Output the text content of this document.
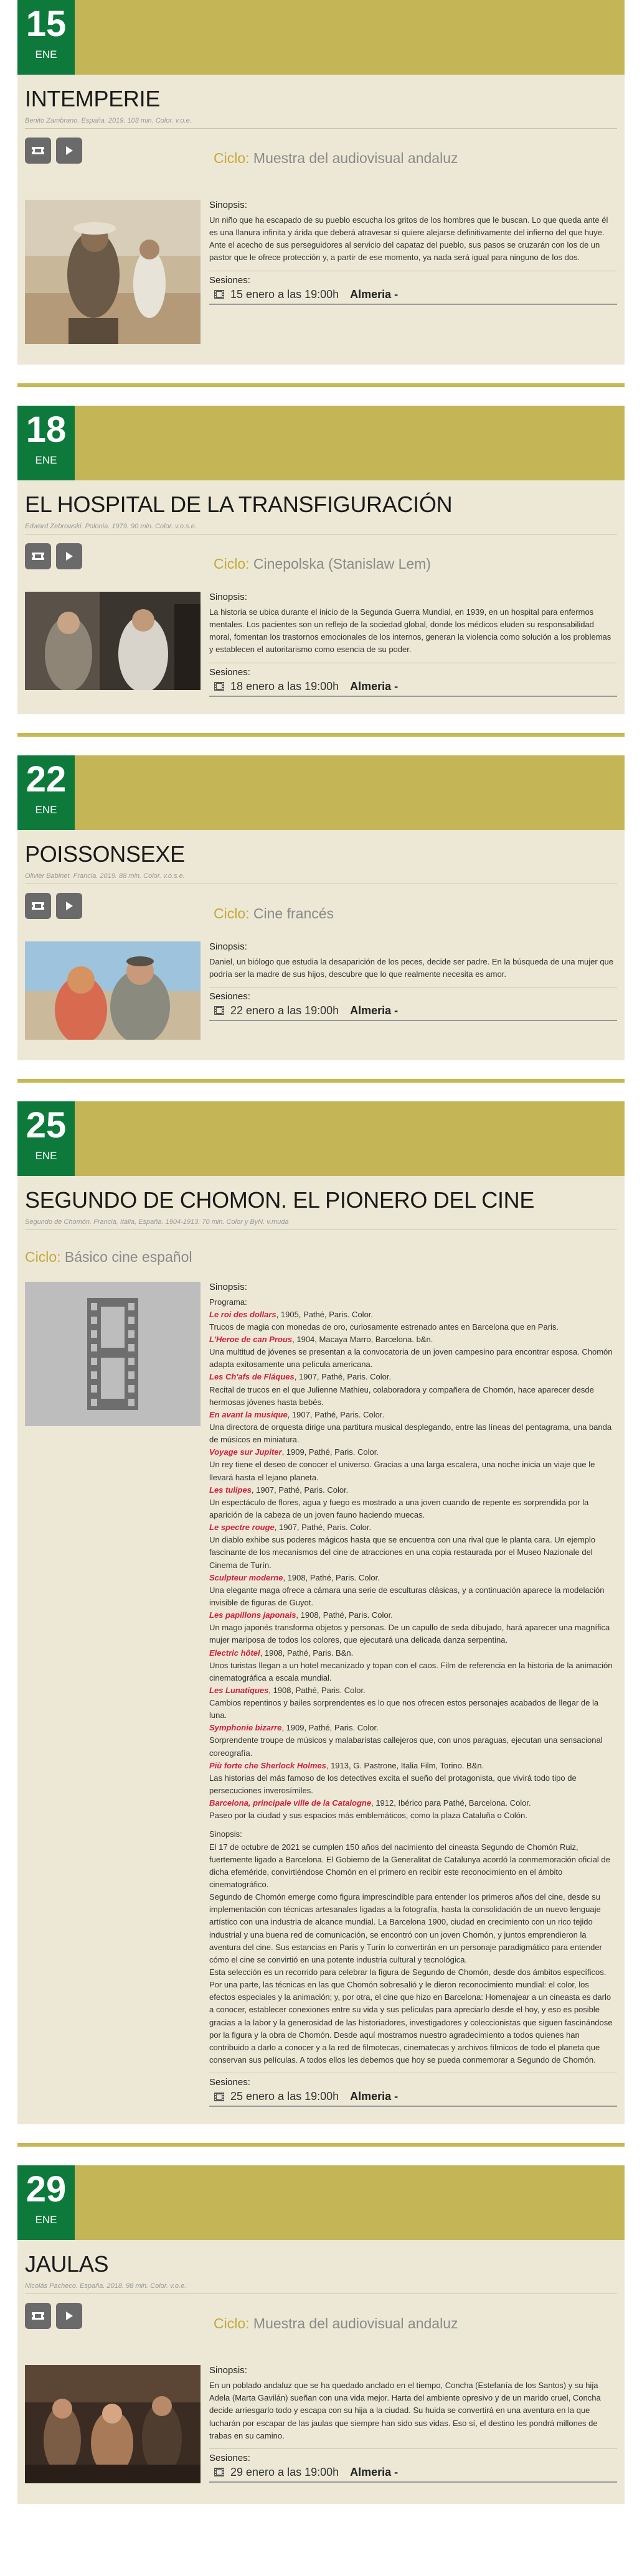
15
ENE
INTEMPERIE
Benito Zambrano. España. 2019. 103 min. Color. v.o.e.
Ciclo: Muestra del audiovisual andaluz
Sinopsis:
Un niño que ha escapado de su pueblo escucha los gritos de los hombres que le buscan. Lo que queda ante él es una llanura infinita y árida que deberá atravesar si quiere alejarse definitivamente del infierno del que huye. Ante el acecho de sus perseguidores al servicio del capataz del pueblo, sus pasos se cruzarán con los de un pastor que le ofrece protección y, a partir de ese momento, ya nada será igual para ninguno de los dos.
Sesiones:
15 enero a las 19:00h Almeria -
18
ENE
EL HOSPITAL DE LA TRANSFIGURACIÓN
Edward Zebrowski. Polonia. 1979. 90 min. Color. v.o.s.e.
Ciclo: Cinepolska (Stanislaw Lem)
Sinopsis:
La historia se ubica durante el inicio de la Segunda Guerra Mundial, en 1939, en un hospital para enfermos mentales. Los pacientes son un reflejo de la sociedad global, donde los médicos eluden su responsabilidad moral, fomentan los trastornos emocionales de los internos, generan la violencia como solución a los problemas y establecen el autoritarismo como esencia de su poder.
Sesiones:
18 enero a las 19:00h Almeria -
22
ENE
POISSONSEXE
Olivier Babinet. Francia. 2019. 88 min. Color. v.o.s.e.
Ciclo: Cine francés
Sinopsis:
Daniel, un biólogo que estudia la desaparición de los peces, decide ser padre. En la búsqueda de una mujer que podría ser la madre de sus hijos, descubre que lo que realmente necesita es amor.
Sesiones:
22 enero a las 19:00h Almeria -
25
ENE
SEGUNDO DE CHOMON. EL PIONERO DEL CINE
Segundo de Chomón. Francia, Italia, España. 1904-1913. 70 min. Color y ByN. v.muda
Ciclo: Básico cine español
Sinopsis:
Programa:
Le roi des dollars, 1905, Pathé, Paris. Color.
Trucos de magia con monedas de oro, curiosamente estrenado antes en Barcelona que en Paris.
L'Heroe de can Prous, 1904, Macaya Marro, Barcelona. b&n.
Una multitud de jóvenes se presentan a la convocatoria de un joven campesino para encontrar esposa. Chomón adapta exitosamente una película americana.
Les Ch'afs de Fláques, 1907, Pathé, Paris. Color.
Recital de trucos en el que Julienne Mathieu, colaboradora y compañera de Chomón, hace aparecer desde hermosas jóvenes hasta bebés.
En avant la musique, 1907, Pathé, Paris. Color.
Una directora de orquesta dirige una partitura musical desplegando, entre las líneas del pentagrama, una banda de músicos en miniatura.
Voyage sur Jupiter, 1909, Pathé, Paris. Color.
Un rey tiene el deseo de conocer el universo. Gracias a una larga escalera, una noche inicia un viaje que le llevará hasta el lejano planeta.
Les tulipes, 1907, Pathé, Paris. Color.
Un espectáculo de flores, agua y fuego es mostrado a una joven cuando de repente es sorprendida por la aparición de la cabeza de un joven fauno haciendo muecas.
Le spectre rouge, 1907, Pathé, Paris. Color.
Un diablo exhibe sus poderes mágicos hasta que se encuentra con una rival que le planta cara. Un ejemplo fascinante de los mecanismos del cine de atracciones en una copia restaurada por el Museo Nazionale del Cinema de Turín.
Sculpteur moderne, 1908, Pathé, Paris. Color.
Una elegante maga ofrece a cámara una serie de esculturas clásicas, y a continuación aparece la modelación invisible de figuras de Guyot.
Les papillons japonais, 1908, Pathé, Paris. Color.
Un mago japonés transforma objetos y personas. De un capullo de seda dibujado, hará aparecer una magnífica mujer mariposa de todos los colores, que ejecutará una delicada danza serpentina.
Electric hôtel, 1908, Pathé, Paris. B&n.
Unos turistas llegan a un hotel mecanizado y topan con el caos. Film de referencia en la historia de la animación cinematográfica a escala mundial.
Les Lunatiques, 1908, Pathé, Paris. Color.
Cambios repentinos y bailes sorprendentes es lo que nos ofrecen estos personajes acabados de llegar de la luna.
Symphonie bizarre, 1909, Pathé, Paris. Color.
Sorprendente troupe de músicos y malabaristas callejeros que, con unos paraguas, ejecutan una sensacional coreografía.
Più forte che Sherlock Holmes, 1913, G. Pastrone, Italia Film, Torino. B&n.
Las historias del más famoso de los detectives excita el sueño del protagonista, que vivirá todo tipo de persecuciones inverosímiles.
Barcelona, principale ville de la Catalogne, 1912, Ibérico para Pathé, Barcelona. Color.
Paseo por la ciudad y sus espacios más emblemáticos, como la plaza Cataluña o Colón.
Sinopsis:
El 17 de octubre de 2021 se cumplen 150 años del nacimiento del cineasta Segundo de Chomón Ruiz, fuertemente ligado a Barcelona. El Gobierno de la Generalitat de Catalunya acordó la conmemoración oficial de dicha efeméride, convirtiéndose Chomón en el primero en recibir este reconocimiento en el ámbito cinematográfico.
Segundo de Chomón emerge como figura imprescindible para entender los primeros años del cine, desde su implementación con técnicas artesanales ligadas a la fotografía, hasta la consolidación de un nuevo lenguaje artístico con una industria de alcance mundial. La Barcelona 1900, ciudad en crecimiento con un rico tejido industrial y una buena red de comunicación, se encontró con un joven Chomón, y juntos emprendieron la aventura del cine. Sus estancias en París y Turín lo convertirán en un personaje paradigmático para entender cómo el cine se convirtió en una potente industria cultural y tecnológica.
Esta selección es un recorrido para celebrar la figura de Segundo de Chomón, desde dos ámbitos específicos. Por una parte, las técnicas en las que Chomón sobresalió y le dieron reconocimiento mundial: el color, los efectos especiales y la animación; y, por otra, el cine que hizo en Barcelona: Homenajear a un cineasta es darlo a conocer, establecer conexiones entre su vida y sus películas para apreciarlo desde el hoy, y eso es posible gracias a la labor y la generosidad de las historiadores, investigadores y coleccionistas que siguen fascinándose por la figura y la obra de Chomón. Desde aquí mostramos nuestro agradecimiento a todos quienes han contribuido a darlo a conocer y a la red de filmotecas, cinematecas y archivos fílmicos de todo el planeta que conservan sus películas. A todos ellos les debemos que hoy se pueda conmemorar a Segundo de Chomón.
Sesiones:
25 enero a las 19:00h Almeria -
29
ENE
JAULAS
Nicolás Pacheco. España. 2018. 98 min. Color. v.o.e.
Ciclo: Muestra del audiovisual andaluz
Sinopsis:
En un poblado andaluz que se ha quedado anclado en el tiempo, Concha (Estefanía de los Santos) y su hija Adela (Marta Gavilán) sueñan con una vida mejor. Harta del ambiente opresivo y de un marido cruel, Concha decide arriesgarlo todo y escapa con su hija a la ciudad. Su huida se convertirá en una aventura en la que lucharán por escapar de las jaulas que siempre han sido sus vidas. Eso sí, el destino les pondrá millones de trabas en su camino.
Sesiones:
29 enero a las 19:00h Almeria -
